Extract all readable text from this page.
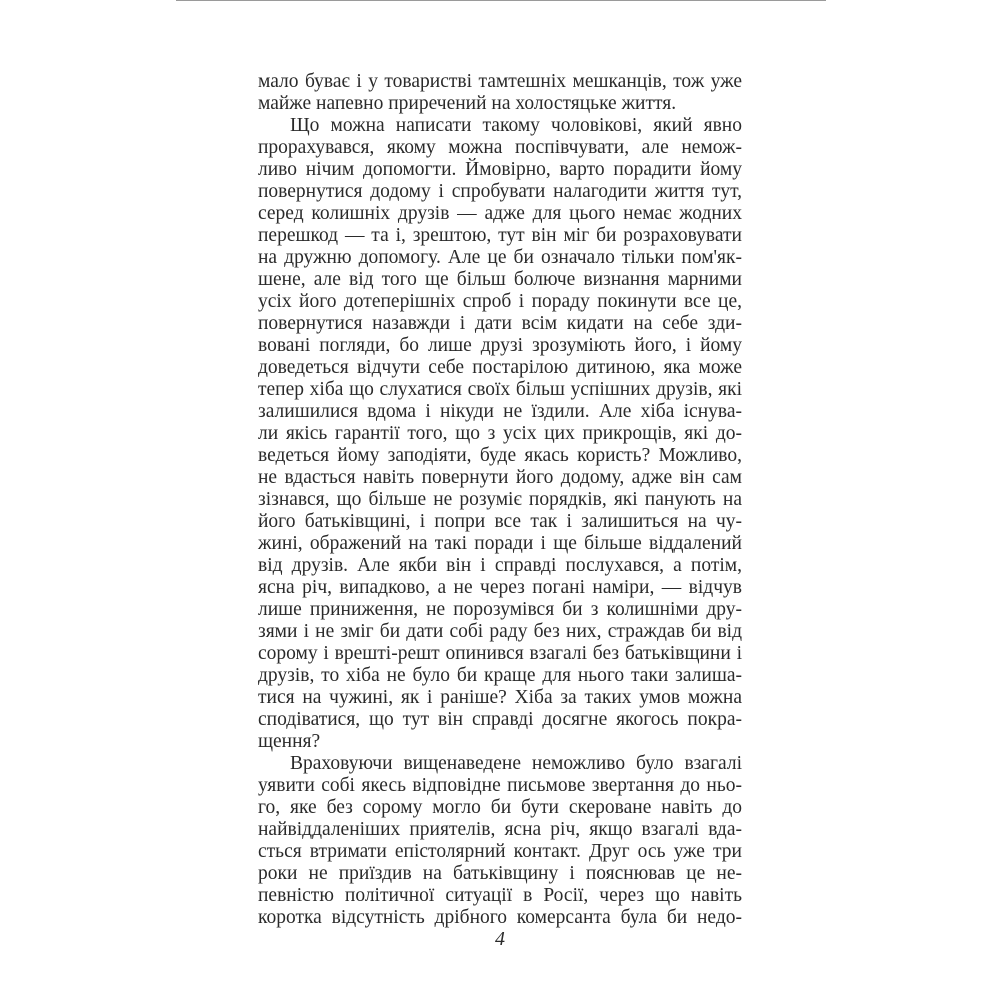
мало буває і у товаристві тамтешніх мешканців, тож уже
майже напевно приречений на холостяцьке життя.
Що можна написати такому чоловікові, який явно
прорахувався, якому можна поспівчувати, але немож-
ливо нічим допомогти. Ймовірно, варто порадити йому
повернутися додому і спробувати налагодити життя тут,
серед колишніх друзів — адже для цього немає жодних
перешкод — та і, зрештою, тут він міг би розраховувати
на дружню допомогу. Але це би означало тільки пом'як-
шене, але від того ще більш болюче визнання марними
усіх його дотеперішніх спроб і пораду покинути все це,
повернутися назавжди і дати всім кидати на себе зди-
вовані погляди, бо лише друзі зрозуміють його, і йому
доведеться відчути себе постарілою дитиною, яка може
тепер хіба що слухатися своїх більш успішних друзів, які
залишилися вдома і нікуди не їздили. Але хіба існува-
ли якісь гарантії того, що з усіх цих прикрощів, які до-
ведеться йому заподіяти, буде якась користь? Можливо,
не вдасться навіть повернути його додому, адже він сам
зізнався, що більше не розуміє порядків, які панують на
його батьківщині, і попри все так і залишиться на чу-
жині, ображений на такі поради і ще більше віддалений
від друзів. Але якби він і справді послухався, а потім,
ясна річ, випадково, а не через погані наміри, — відчув
лише приниження, не порозумівся би з колишніми дру-
зями і не зміг би дати собі раду без них, страждав би від
сорому і врешті-решт опинився взагалі без батьківщини і
друзів, то хіба не було би краще для нього таки залиша-
тися на чужині, як і раніше? Хіба за таких умов можна
сподіватися, що тут він справді досягне якогось покра-
щення?
Враховуючи вищенаведене неможливо було взагалі
уявити собі якесь відповідне письмове звертання до ньо-
го, яке без сорому могло би бути скероване навіть до
найвіддаленіших приятелів, ясна річ, якщо взагалі вда-
сться втримати епістолярний контакт. Друг ось уже три
роки не приїздив на батьківщину і пояснював це не-
певністю політичної ситуації в Росії, через що навіть
коротка відсутність дрібного комерсанта була би недо-
4
